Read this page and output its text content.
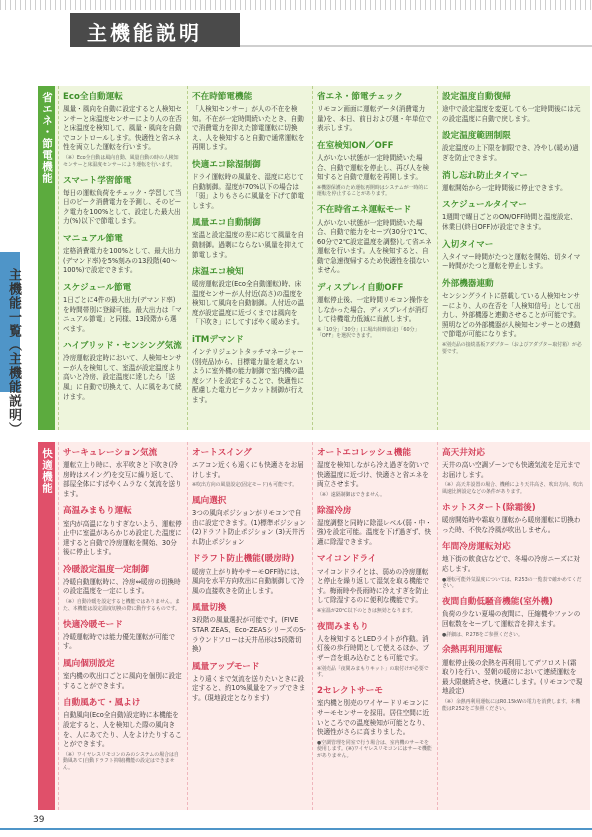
主機能説明
主機能一覧（主機能説明）
省エネ・節電機能 Eco全自動運転
風量・風向を自動に設定すると人検知センサーと床温度センサーにより人の在否と床温度を検知して、風量・風向を自動でコントロールします。快適性と省エネ性を両立した運転を行います。
（※）Eco全自動は風向自動、風量自動の時の人検知センサーと床温度センサーにより運転を行います。
スマート学習節電
毎日の運転負荷をチェック・学習して当日のピーク消費電力を予測し、そのピーク電力を100%として、設定した最大出力(%)以下で節電します。
マニュアル節電
定格消費電力を100%として、最大出力(デマンド率)を5%刻みの13段階(40〜100%)で設定できます。
スケジュール節電
1日ごとに4件の最大出力(デマンド率)を時間帯別に登録可能。最大出力は「マニュアル節電」と同様、13段階から選べます。
ハイブリッド・センシング気流
冷房運転設定時において、人検知センサーが人を検知して、室温が設定温度より高いと冷房、設定温度に達したら「送風」に自動で切換えて、人に風をあて続けます。
不在時節電機能
「人検知センサー」が人の不在を検知。不在が一定時間続いたとき、自動で消費電力を抑えた節電運転に切換え、人を検知すると自動で通常運転を再開します。
快適エコ除湿制御
ドライ運転時の風量を、湿度に応じて自動制御。湿度が70%以下の場合は「弱」よりもさらに風量を下げて節電します。
風量エコ自動制御
室温と設定温度の差に応じて風量を自動制御。過剰にならない風量を抑えて節電します。
床温エコ検知
暖房運転設定(Eco全自動運転)時、床温度センサーが人付近(高さ)の温度を検知して風向を自動制御。人付近の温度が設定温度に近づくまでは風向を「下吹き」にしてすばやく暖めます。
iTMデマンド
インテリジェントタッチマネージャー(別売品)から、目標電力量を超えないように室外機の能力制御で室内機の温度シフトを設定することで、快適性に配慮した電力ピークカット制御が行えます。
省エネ・節電チェック
リモコン画面に運転データ(消費電力量)を、本日、前日および週・年単位で表示します。
在室検知ON／OFF
人がいない状態が一定時間続いた場合、自動で運転を停止し、再び人を検知すると自動で運転を再開します。
※機器保護のため運転再開時はシステムが一時的に運転を停止することがあります。
不在時省エネ運転モード
人がいない状態が一定時間続いた場合、自動で能力をセーブ(30分で1℃、60分で2℃設定温度を調整)して省エネ運転を行います。人を検知すると、自動で急速復帰するため快適性を損ないません。
ディスプレイ自動OFF
運転停止後、一定時間リモコン操作をしなかった場合、ディスプレイが消灯して待機電力低減に貢献します。
※「10分」「30分」(工場出荷時設定)「60分」「OFF」を選択できます。
設定温度自動復帰
途中で設定温度を変更しても一定時間後には元の設定温度に自動で戻します。
設定温度範囲制限
設定温度の上下限を制限でき、冷やし(暖め)過ぎを防止できます。
消し忘れ防止タイマー
運転開始から一定時間後に停止できます。
スケジュールタイマー
1週間で曜日ごとのON/OFF時間と温度設定、休業日(終日OFF)が設定できます。
入切タイマー
入タイマー時間がたつと運転を開始、切タイマー時間がたつと運転を停止します。
外部機器連動
センシングライトに搭載している人検知センサーにより、人の在否を「人検知信号」として出力し、外部機器と連動させることが可能です。照明などの外部機器が人検知センサーとの連動で節電が可能になります。
※別売品の接続基板アダプター（およびアダプター取付箱）が必要です。
快適機能 サーキュレーション気流
運転立上り時に、水平吹きと下吹き(冷房時はスイング)を交互に繰り返して、部屋全体にすばやくムラなく気流を送ります。
高温みまもり運転
室内が高温になりすぎないよう、運転停止中に室温があらかじめ設定した温度に達すると自動で冷房運転を開始、30分後に停止します。
冷暖設定温度一定制御
冷暖自動運転時に、冷房⇔暖房の切換時の設定温度を一定にします。
（※）自動冷暖を設定すると機能ではありません。また、本機能は設定温度切換の際に動作するものです。
快適冷暖モード
冷暖運転時では能力優先運転が可能です。
風向個別設定
室内機の吹出口ごとに風向を個別に設定することができます。
自動風あて・風よけ
自動風向(Eco全自動)設定時に本機能を設定すると、人を検知した際の風向きを、人にあてたり、人をよけたりすることができます。
（※）ワイヤレスリモコンのみのシステムの場合は自動風あて(自動ドラフト抑制)機能の設定はできません。
オートスイング
エアコン近くも遠くにも快適さをお届けします。
※吹出方向の風量設定(固定モード)も可能です。
風向選択
3つの風向ポジションがリモコンで自由に設定できます。(1)標準ポジション (2)ドラフト防止ポジション (3)天井汚れ防止ポジション
ドラフト防止機能(暖房時)
暖房立上がり時やサーモOFF時には、風向を水平方向吹出に自動制御して冷風の直接吹きを防止します。
風量切換
3段階の風量選択が可能です。(FIVE STAR ZEAS、Eco-ZEASシリーズのS-ラウンドフローは天井吊形は5段階切換)
風量アップモード
より遠くまで気流を送りたいときに設定すると、約10%風量をアップできます。(現地設定となります)
オートエコレッシュ機能
湿度を検知しながら冷え過ぎを防いで快適温度に近づけ、快適さと省エネを両立させます。
（※）遠隔制御はできません。
除湿冷房
湿度調整と同時に除湿レベル(弱・中・強)を設定可能。温度を下げ過ぎず、快適に除湿できます。
マイコンドライ
マイコンドライとは、弱めの冷房運転と停止を繰り返して湿気を取る機能です。梅雨時や長雨時に冷えすぎを防止して除湿するのに便利な機能です。
※室温が20℃以下のときは無効となります。
夜間みまもり
人を検知するとLEDライトが作動。消灯後の歩行時間として使えるほか、ブザー音を組み込むことも可能です。
※別売品「夜間みまもりキット」の取付けが必要です。
2セレクトサーモ
室内機と別売のワイヤードリモコンにサーモセンサーを採用。居住空間に近いところでの温度検知が可能となり、快適性がさらに高まりました。
●空調管理を同室で行う場合は、室内機のサーモを使用します。(※)ワイヤレスリモコンにはサーモ機能がありません。
高天井対応
天井の高い空調ゾーンでも快適気流を足元までお届けします。
（※）高天井設置の場合、機種により天井高さ、吹出方向、吹出風速比例設定などの条件があります。
ホットスタート(除霜後)
暖房開始時や霜取り運転から暖房運転に切換わった時、不快な冷風が吹出しません。
年間冷房運転対応
地下街の飲食店などで、冬場の冷房ニーズに対応します。
●運転可能外気温度については、P.253の一覧表で確かめてください。
夜間自動低騒音機能(室外機)
負荷の少ない夏場の夜間に、圧縮機やファンの回転数をセーブして運転音を抑えます。
●詳細は、P.278をご参照ください。
余熱再利用運転
運転停止後の余熱を再利用してデフロスト(霜取り)を行い、翌朝の暖房において連続運転を最大限継続させ、快適にします。(リモコンで現地設定)
（※）余熱再利用運転にはR0.15kWの電力を消費します。本機能はP.252をご参照ください。
39
